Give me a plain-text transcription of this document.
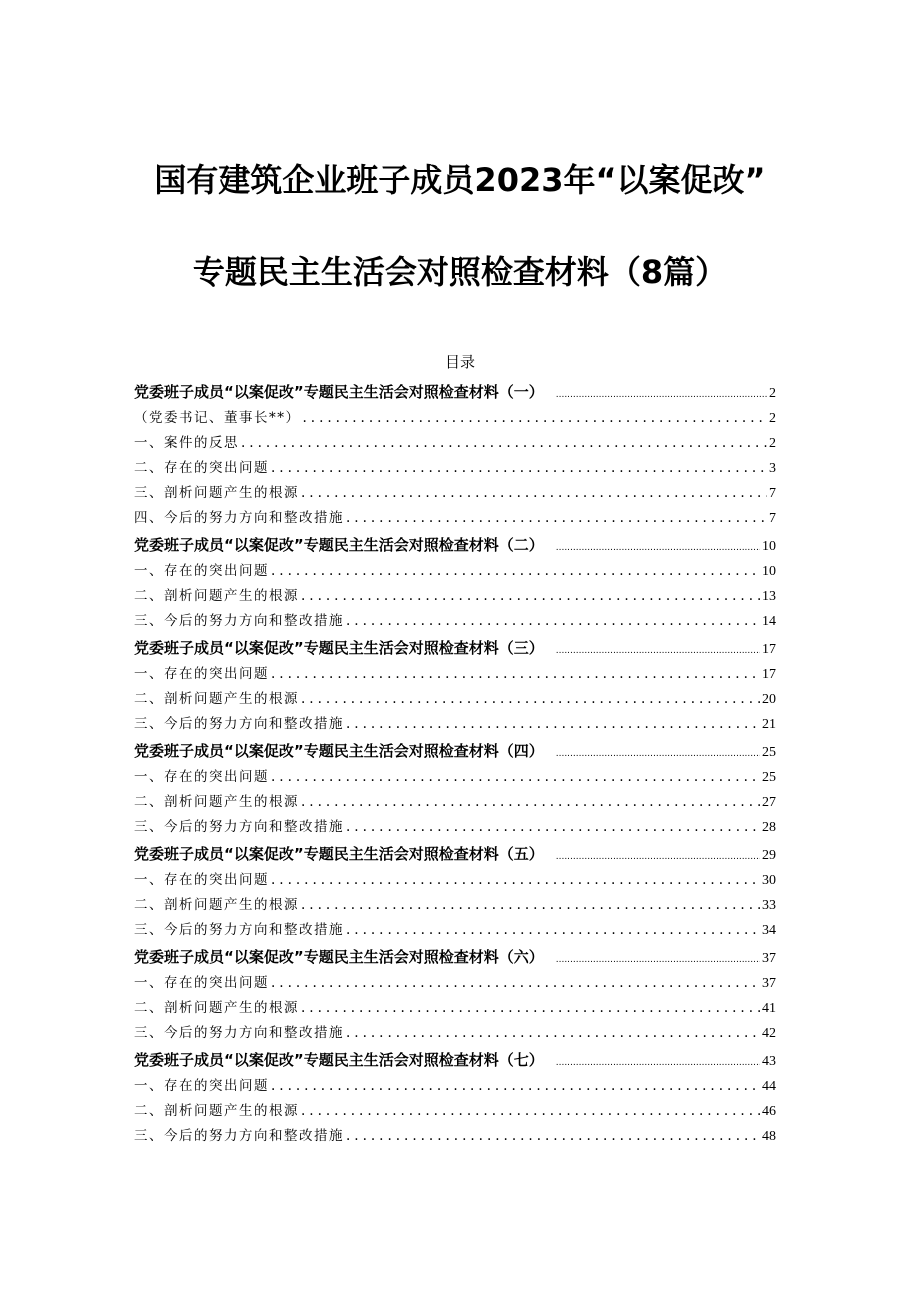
国有建筑企业班子成员2023年“以案促改”
专题民主生活会对照检查材料（8篇）
目录
党委班子成员“以案促改”专题民主生活会对照检查材料（一） .....	2
（党委书记、董事长**） .....	2
一、案件的反思 .....	2
二、存在的突出问题 .....	3
三、剖析问题产生的根源 .....	7
四、今后的努力方向和整改措施 .....	7
党委班子成员“以案促改”专题民主生活会对照检查材料（二） .....	10
一、存在的突出问题 .....	10
二、剖析问题产生的根源 .....	13
三、今后的努力方向和整改措施 .....	14
党委班子成员“以案促改”专题民主生活会对照检查材料（三） .....	17
一、存在的突出问题 .....	17
二、剖析问题产生的根源 .....	20
三、今后的努力方向和整改措施 .....	21
党委班子成员“以案促改”专题民主生活会对照检查材料（四） .....	25
一、存在的突出问题 .....	25
二、剖析问题产生的根源 .....	27
三、今后的努力方向和整改措施 .....	28
党委班子成员“以案促改”专题民主生活会对照检查材料（五） .....	29
一、存在的突出问题 .....	30
二、剖析问题产生的根源 .....	33
三、今后的努力方向和整改措施 .....	34
党委班子成员“以案促改”专题民主生活会对照检查材料（六） .....	37
一、存在的突出问题 .....	37
二、剖析问题产生的根源 .....	41
三、今后的努力方向和整改措施 .....	42
党委班子成员“以案促改”专题民主生活会对照检查材料（七） .....	43
一、存在的突出问题 .....	44
二、剖析问题产生的根源 .....	46
三、今后的努力方向和整改措施 .....	48
